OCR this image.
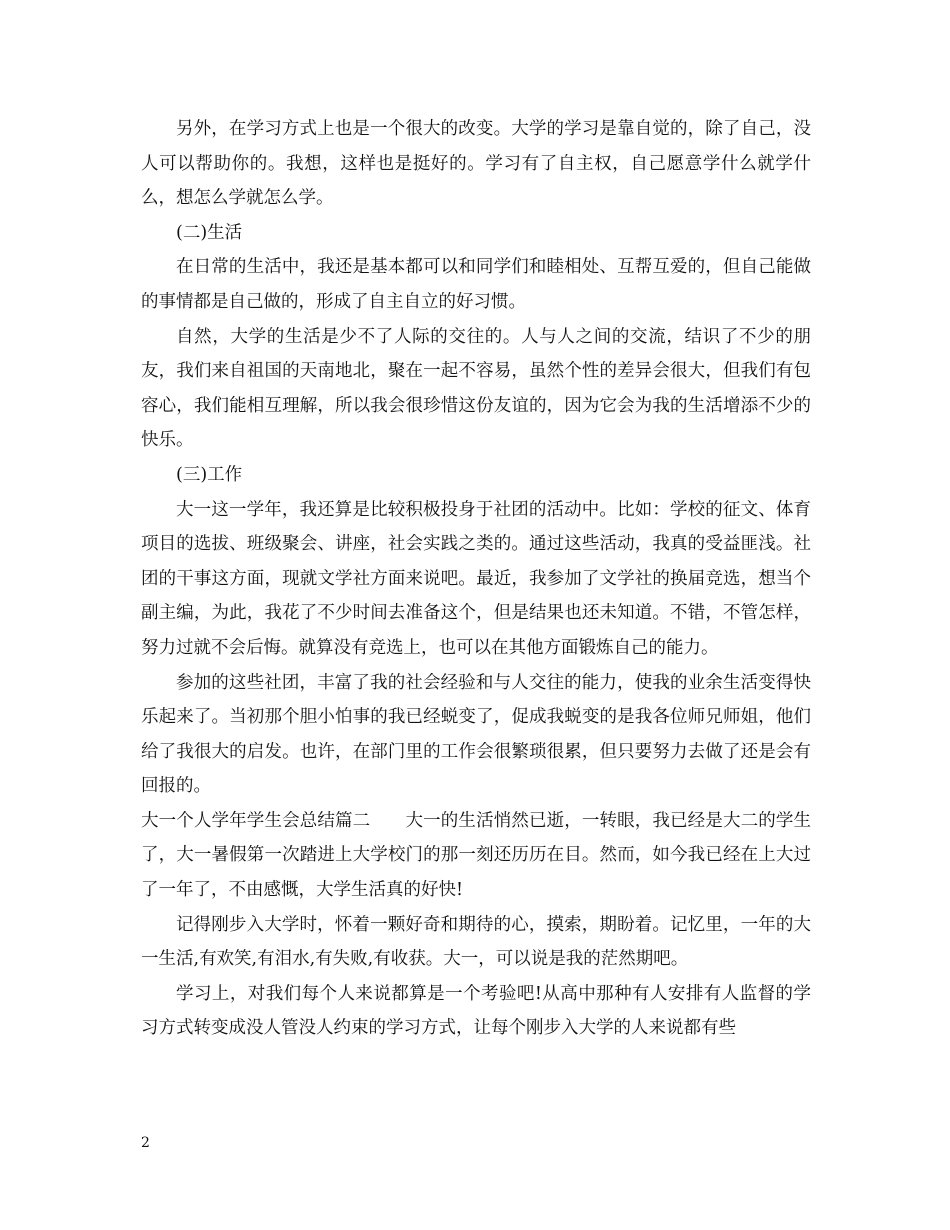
另外，在学习方式上也是一个很大的改变。大学的学习是靠自觉的，除了自己，没人可以帮助你的。我想，这样也是挺好的。学习有了自主权，自己愿意学什么就学什么，想怎么学就怎么学。

(二)生活

在日常的生活中，我还是基本都可以和同学们和睦相处、互帮互爱的，但自己能做的事情都是自己做的，形成了自主自立的好习惯。

自然，大学的生活是少不了人际的交往的。人与人之间的交流，结识了不少的朋友，我们来自祖国的天南地北，聚在一起不容易，虽然个性的差异会很大，但我们有包容心，我们能相互理解，所以我会很珍惜这份友谊的，因为它会为我的生活增添不少的快乐。

(三)工作

大一这一学年，我还算是比较积极投身于社团的活动中。比如：学校的征文、体育项目的选拔、班级聚会、讲座，社会实践之类的。通过这些活动，我真的受益匪浅。社团的干事这方面，现就文学社方面来说吧。最近，我参加了文学社的换届竞选，想当个副主编，为此，我花了不少时间去准备这个，但是结果也还未知道。不错，不管怎样，努力过就不会后悔。就算没有竞选上，也可以在其他方面锻炼自己的能力。

参加的这些社团，丰富了我的社会经验和与人交往的能力，使我的业余生活变得快乐起来了。当初那个胆小怕事的我已经蜕变了，促成我蜕变的是我各位师兄师姐，他们给了我很大的启发。也许，在部门里的工作会很繁琐很累，但只要努力去做了还是会有回报的。

大一个人学年学生会总结篇二　　大一的生活悄然已逝，一转眼，我已经是大二的学生了，大一暑假第一次踏进上大学校门的那一刻还历历在目。然而，如今我已经在上大过了一年了，不由感慨，大学生活真的好快!

记得刚步入大学时，怀着一颗好奇和期待的心，摸索，期盼着。记忆里，一年的大一生活,有欢笑,有泪水,有失败,有收获。大一，可以说是我的茫然期吧。

学习上，对我们每个人来说都算是一个考验吧!从高中那种有人安排有人监督的学习方式转变成没人管没人约束的学习方式，让每个刚步入大学的人来说都有些

2
